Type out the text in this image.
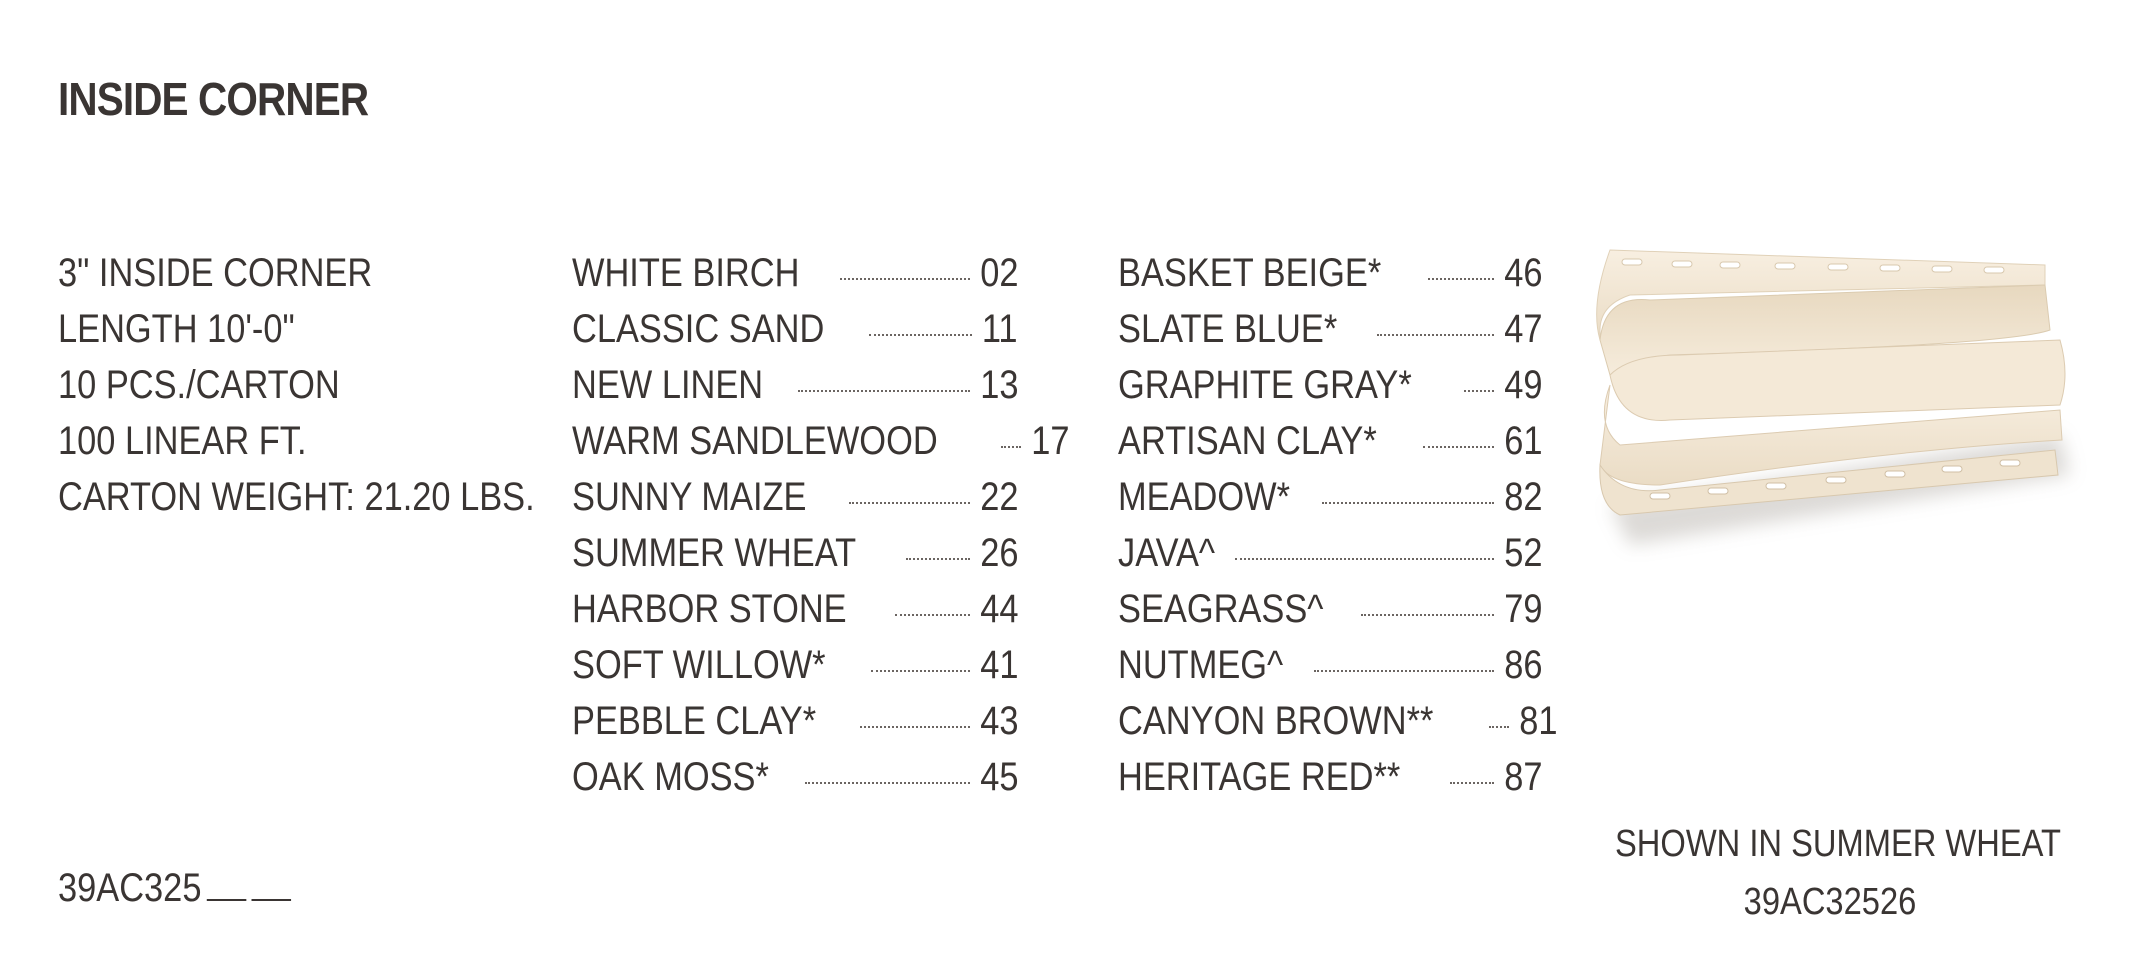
INSIDE CORNER
3" INSIDE CORNER
LENGTH 10'-0"
10 PCS./CARTON
100 LINEAR FT.
CARTON WEIGHT: 21.20 LBS.
WHITE BIRCH	02
CLASSIC SAND	11
NEW LINEN	13
WARM SANDLEWOOD	17
SUNNY MAIZE	22
SUMMER WHEAT	26
HARBOR STONE	44
SOFT WILLOW*	41
PEBBLE CLAY*	43
OAK MOSS*	45
BASKET BEIGE*	46
SLATE BLUE*	47
GRAPHITE GRAY*	49
ARTISAN CLAY*	61
MEADOW*	82
JAVA^	52
SEAGRASS^	79
NUTMEG^	86
CANYON BROWN**	81
HERITAGE RED**	87
SHOWN IN SUMMER WHEAT
39AC32526
39AC325
